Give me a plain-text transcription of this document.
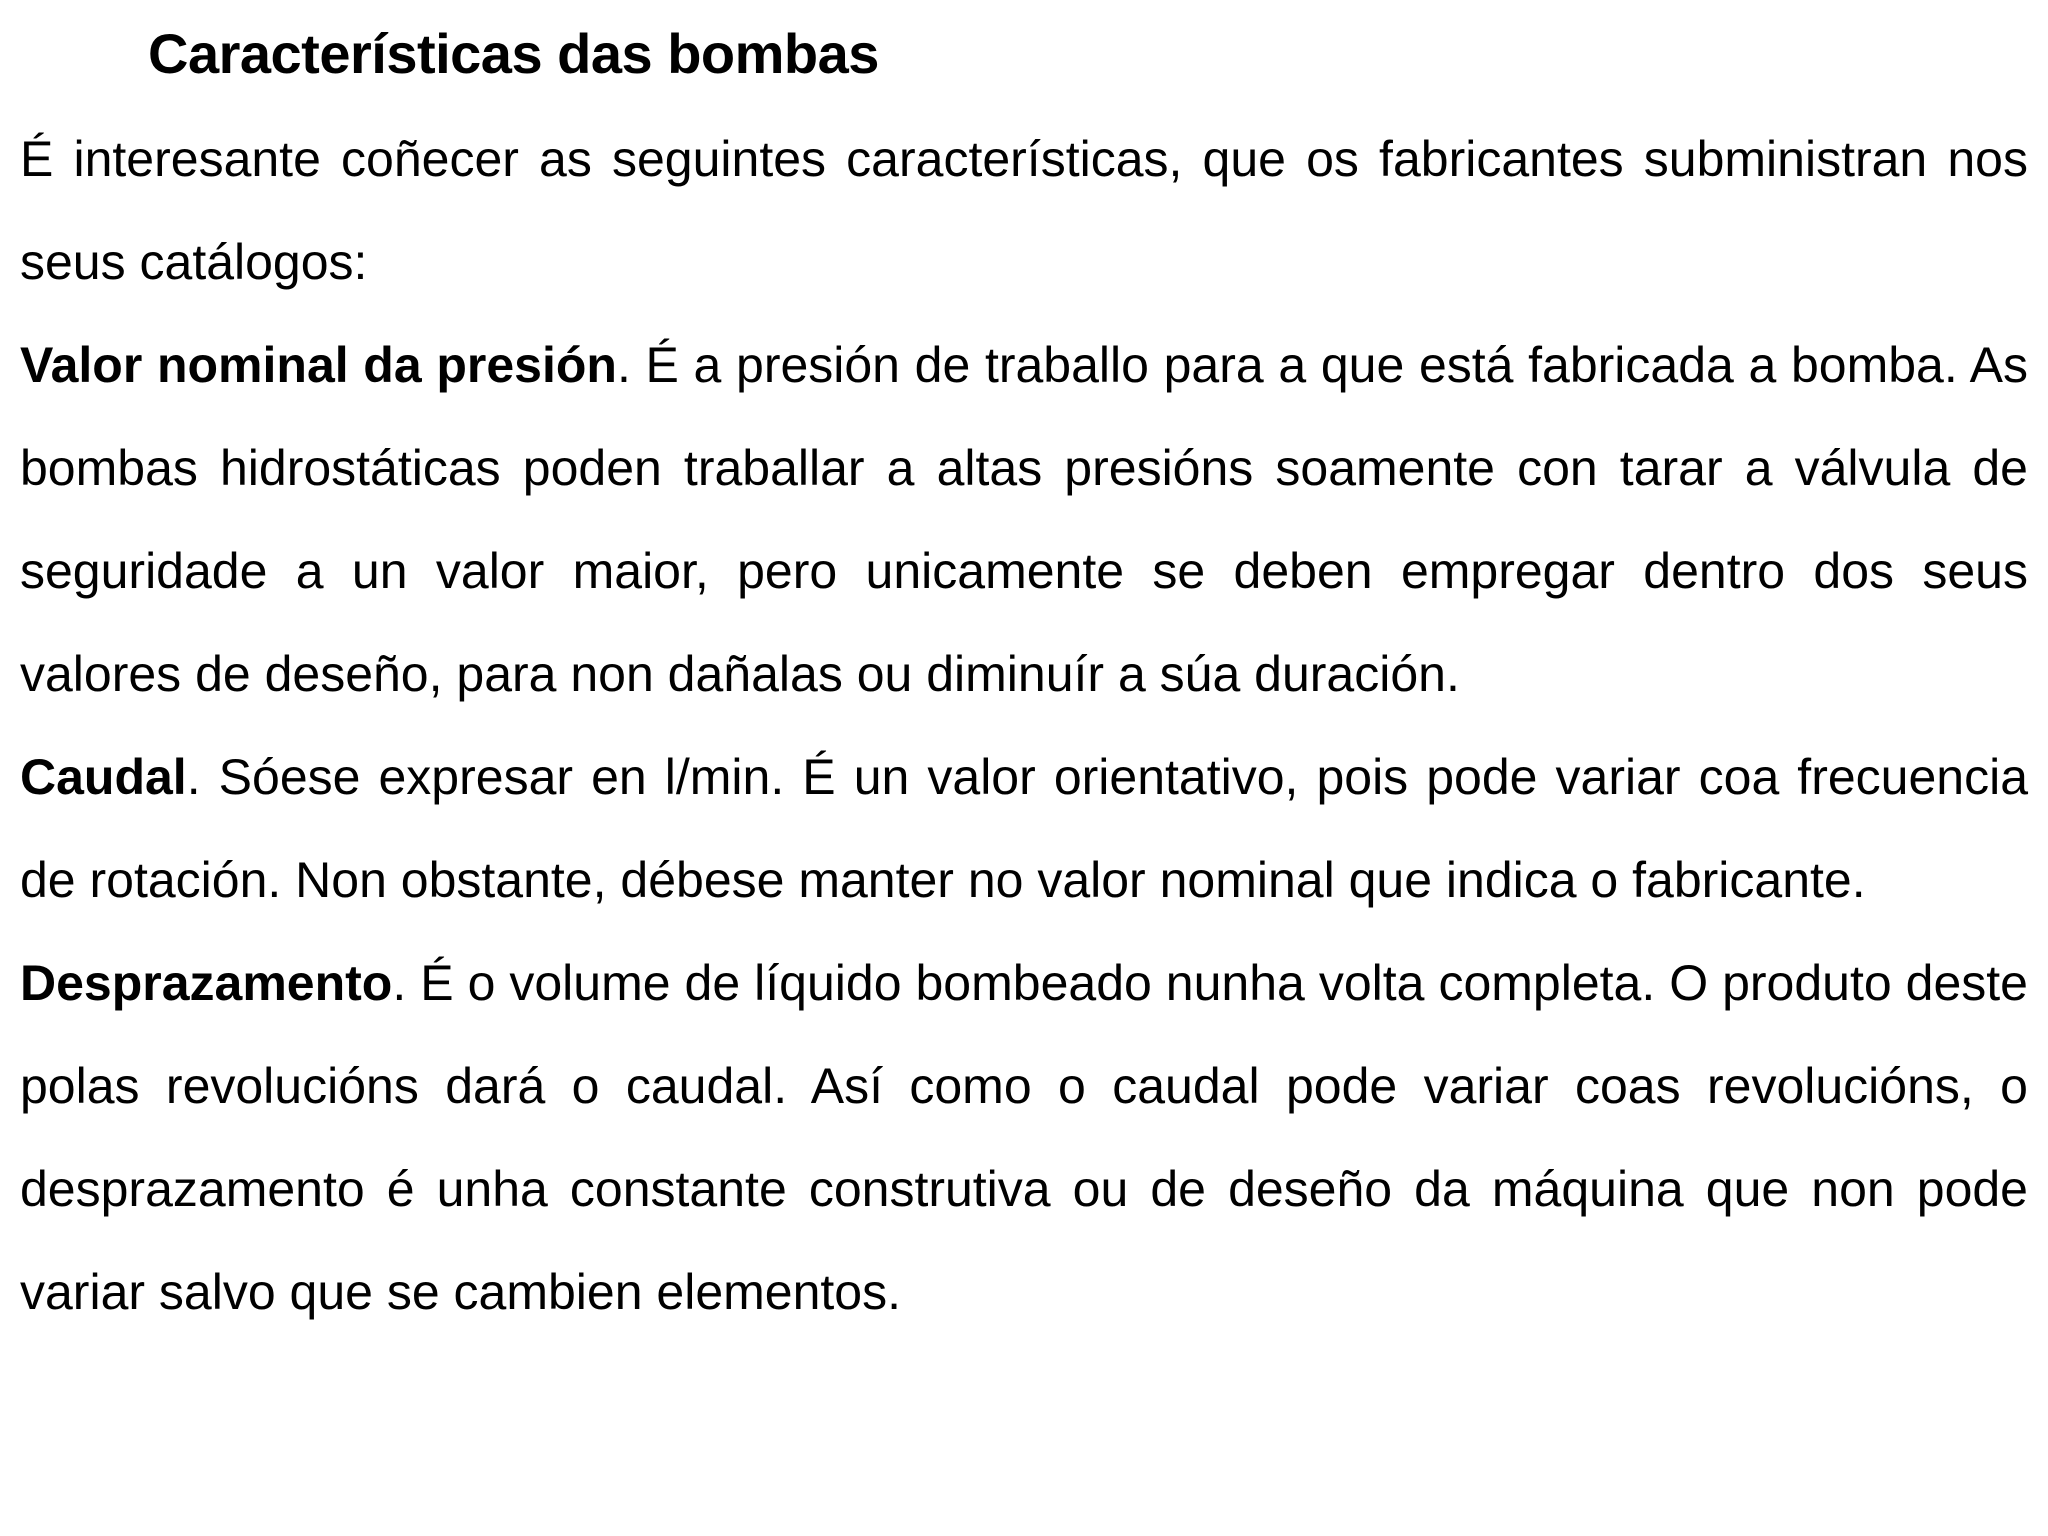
Características das bombas

É interesante coñecer as seguintes características, que os fabricantes subministran nos seus catálogos:

Valor nominal da presión. É a presión de traballo para a que está fabricada a bomba. As bombas hidrostáticas poden traballar a altas presións soamente con tarar a válvula de seguridade a un valor maior, pero unicamente se deben empregar dentro dos seus valores de deseño, para non dañalas ou diminuír a súa duración.

Caudal. Sóese expresar en l/min. É un valor orientativo, pois pode variar coa frecuencia de rotación. Non obstante, débese manter no valor nominal que indica o fabricante.

Desprazamento. É o volume de líquido bombeado nunha volta completa. O produto deste polas revolucións dará o caudal. Así como o caudal pode variar coas revolucións, o desprazamento é unha constante construtiva ou de deseño da máquina que non pode variar salvo que se cambien elementos.
